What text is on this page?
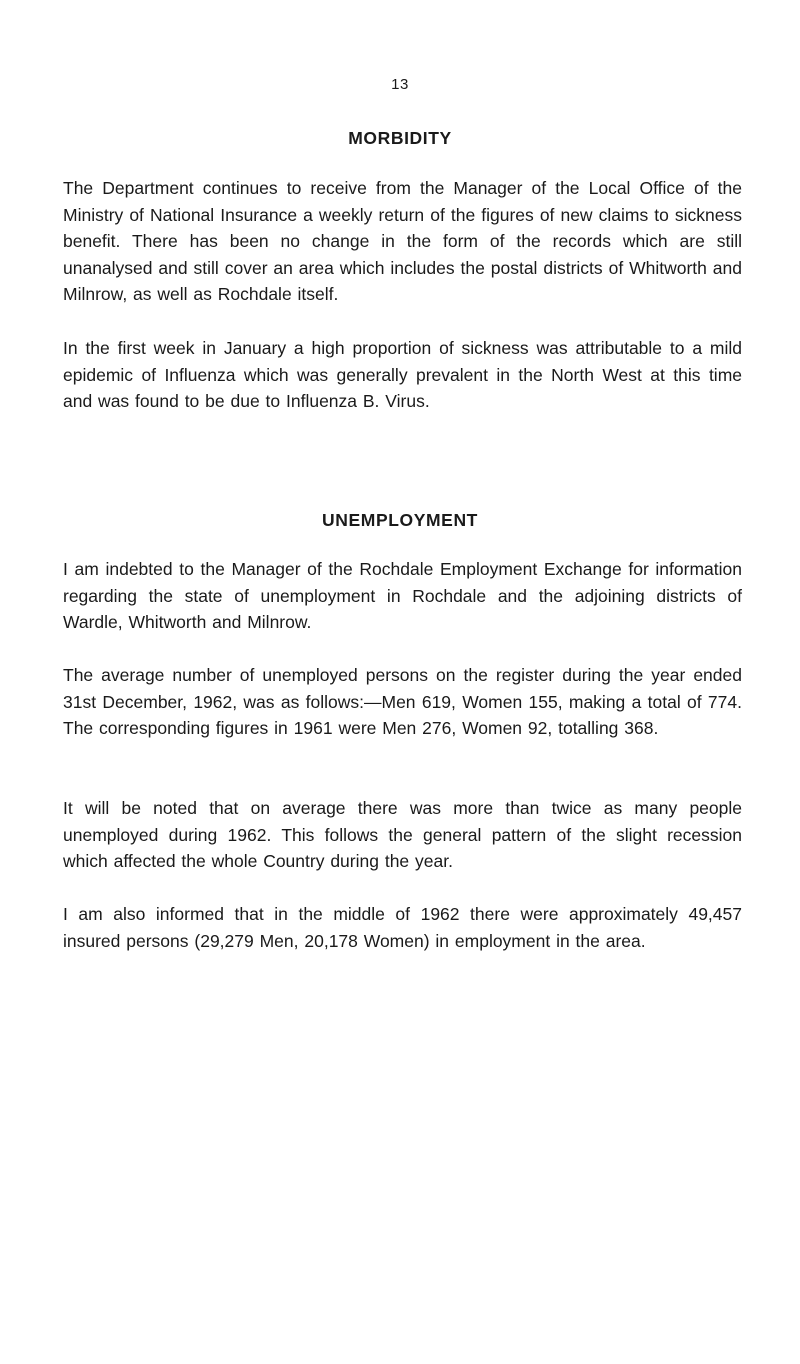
13
MORBIDITY

The Department continues to receive from the Manager of the Local Office of the Ministry of National Insurance a weekly return of the figures of new claims to sickness benefit. There has been no change in the form of the records which are still unanalysed and still cover an area which includes the postal districts of Whitworth and Milnrow, as well as Rochdale itself.

In the first week in January a high proportion of sickness was attributable to a mild epidemic of Influenza which was generally prevalent in the North West at this time and was found to be due to Influenza B. Virus.

UNEMPLOYMENT

I am indebted to the Manager of the Rochdale Employment Exchange for information regarding the state of unemployment in Rochdale and the adjoining districts of Wardle, Whitworth and Milnrow.

The average number of unemployed persons on the register during the year ended 31st December, 1962, was as follows:—Men 619, Women 155, making a total of 774. The corresponding figures in 1961 were Men 276, Women 92, totalling 368.

It will be noted that on average there was more than twice as many people unemployed during 1962. This follows the general pattern of the slight recession which affected the whole Country during the year.

I am also informed that in the middle of 1962 there were approximately 49,457 insured persons (29,279 Men, 20,178 Women) in employment in the area.
